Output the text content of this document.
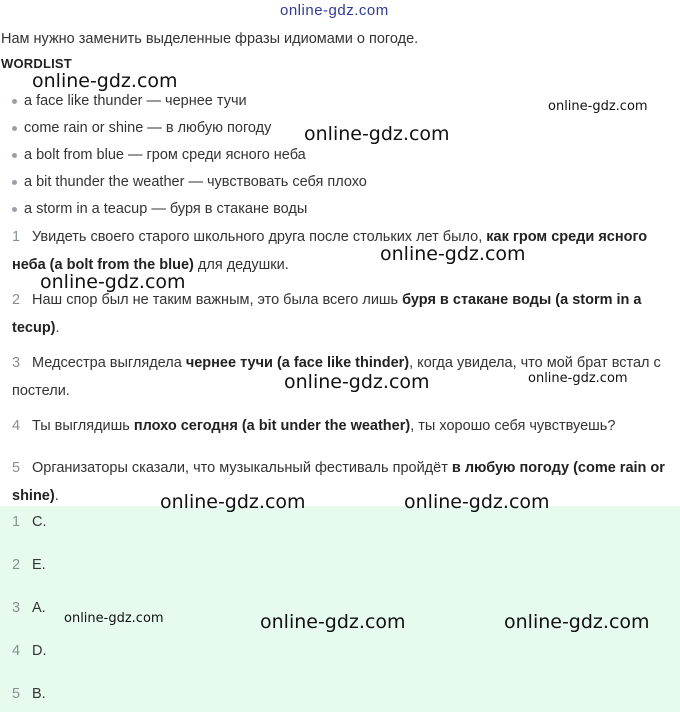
online-gdz.com
Нам нужно заменить выделенные фразы идиомами о погоде.
WORDLIST
a face like thunder — чернее тучи
come rain or shine — в любую погоду
a bolt from blue — гром среди ясного неба
a bit thunder the weather — чувствовать себя плохо
a storm in a teacup — буря в стакане воды
1 Увидеть своего старого школьного друга после стольких лет было, как гром среди ясного неба (a bolt from the blue) для дедушки.
2 Наш спор был не таким важным, это была всего лишь буря в стакане воды (a storm in a tecup).
3 Медсестра выглядела чернее тучи (a face like thinder), когда увидела, что мой брат встал с постели.
4 Ты выглядишь плохо сегодня (a bit under the weather), ты хорошо себя чувствуешь?
5 Организаторы сказали, что музыкальный фестиваль пройдёт в любую погоду (come rain or shine).
1 C.
2 E.
3 A.
4 D.
5 B.
online-gdz.com
online-gdz.com
online-gdz.com
online-gdz.com
online-gdz.com
online-gdz.com	online-gdz.com
online-gdz.com	online-gdz.com
online-gdz.com	online-gdz.com	online-gdz.com
